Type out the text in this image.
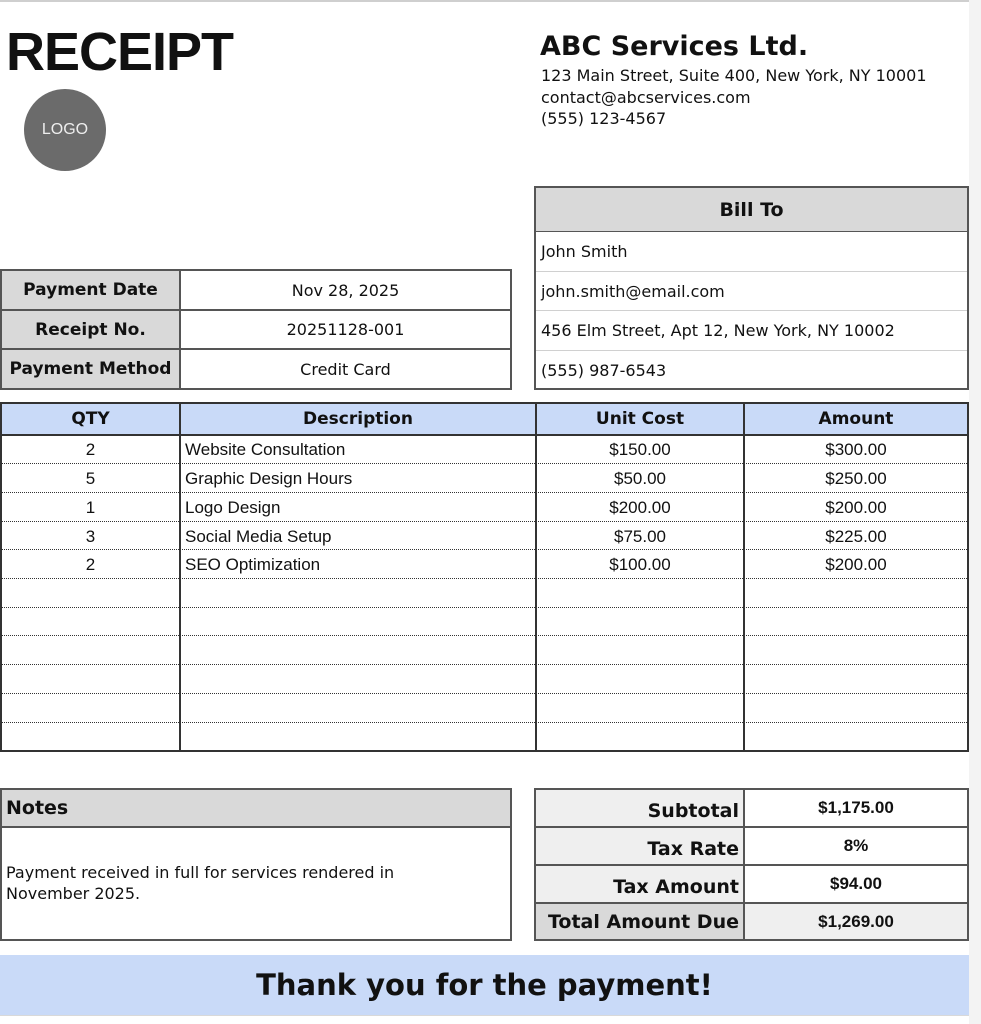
RECEIPT
LOGO
ABC Services Ltd.
123 Main Street, Suite 400, New York, NY 10001
contact@abcservices.com
(555) 123-4567
Bill To
John Smith
john.smith@email.com
456 Elm Street, Apt 12, New York, NY 10002
(555) 987-6543
Payment Date	Nov 28, 2025
Receipt No.	20251128-001
Payment Method	Credit Card
QTY	Description	Unit Cost	Amount
2	Website Consultation	$150.00	$300.00
5	Graphic Design Hours	$50.00	$250.00
1	Logo Design	$200.00	$200.00
3	Social Media Setup	$75.00	$225.00
2	SEO Optimization	$100.00	$200.00
Notes
Payment received in full for services rendered in November 2025.
Subtotal	$1,175.00
Tax Rate	8%
Tax Amount	$94.00
Total Amount Due	$1,269.00
Thank you for the payment!
